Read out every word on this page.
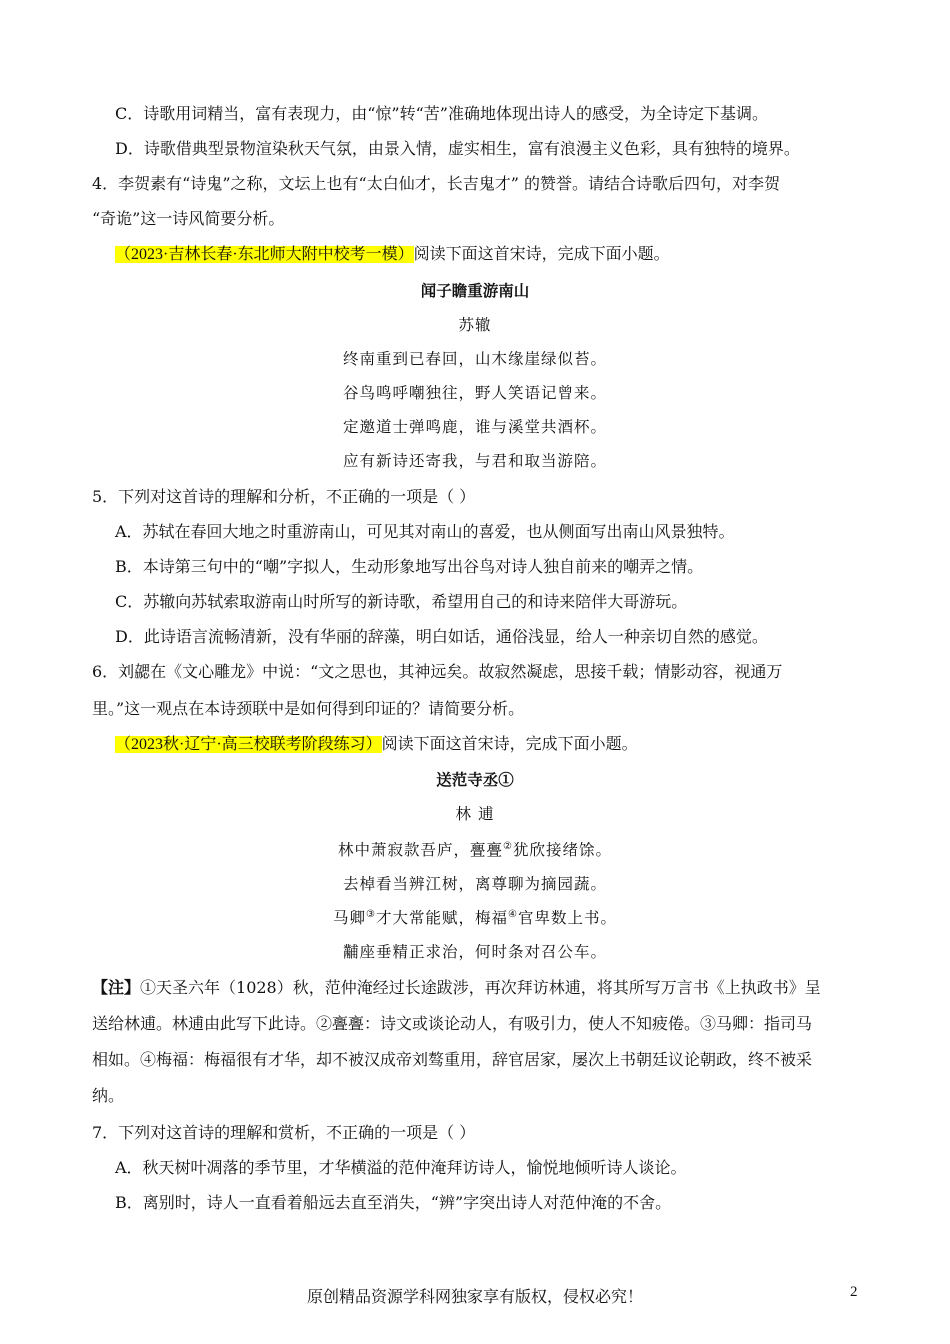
C．诗歌用词精当，富有表现力，由“惊”转“苦”准确地体现出诗人的感受，为全诗定下基调。
D．诗歌借典型景物渲染秋天气氛，由景入情，虚实相生，富有浪漫主义色彩，具有独特的境界。
4．李贺素有“诗鬼”之称，文坛上也有“太白仙才，长吉鬼才” 的赞誉。请结合诗歌后四句，对李贺
“奇诡”这一诗风简要分析。
（2023·吉林长春·东北师大附中校考一模）阅读下面这首宋诗，完成下面小题。
闻子瞻重游南山
苏辙
终南重到已春回，山木缘崖绿似苔。
谷鸟鸣呼嘲独往，野人笑语记曾来。
定邀道士弹鸣鹿，谁与溪堂共酒杯。
应有新诗还寄我，与君和取当游陪。
5．下列对这首诗的理解和分析，不正确的一项是（ ）
A．苏轼在春回大地之时重游南山，可见其对南山的喜爱，也从侧面写出南山风景独特。
B．本诗第三句中的“嘲”字拟人，生动形象地写出谷鸟对诗人独自前来的嘲弄之情。
C．苏辙向苏轼索取游南山时所写的新诗歌，希望用自己的和诗来陪伴大哥游玩。
D．此诗语言流畅清新，没有华丽的辞藻，明白如话，通俗浅显，给人一种亲切自然的感觉。
6．刘勰在《文心雕龙》中说：“文之思也，其神远矣。故寂然凝虑，思接千载；情影动容，视通万
里。”这一观点在本诗颈联中是如何得到印证的？请简要分析。
（2023秋·辽宁·高三校联考阶段练习）阅读下面这首宋诗，完成下面小题。
送范寺丞①
林 逋
林中萧寂款吾庐，亹亹②犹欣接绪馀。
去棹看当辨江树，离尊聊为摘园蔬。
马卿③才大常能赋，梅福④官卑数上书。
黼座垂精正求治，何时条对召公车。
【注】①天圣六年（1028）秋，范仲淹经过长途跋涉，再次拜访林逋，将其所写万言书《上执政书》呈
送给林逋。林逋由此写下此诗。②亹亹：诗文或谈论动人，有吸引力，使人不知疲倦。③马卿：指司马
相如。④梅福：梅福很有才华，却不被汉成帝刘骜重用，辞官居家，屡次上书朝廷议论朝政，终不被采
纳。
7．下列对这首诗的理解和赏析，不正确的一项是（ ）
A．秋天树叶凋落的季节里，才华横溢的范仲淹拜访诗人，愉悦地倾听诗人谈论。
B．离别时，诗人一直看着船远去直至消失，“辨”字突出诗人对范仲淹的不舍。
原创精品资源学科网独家享有版权，侵权必究！	2
